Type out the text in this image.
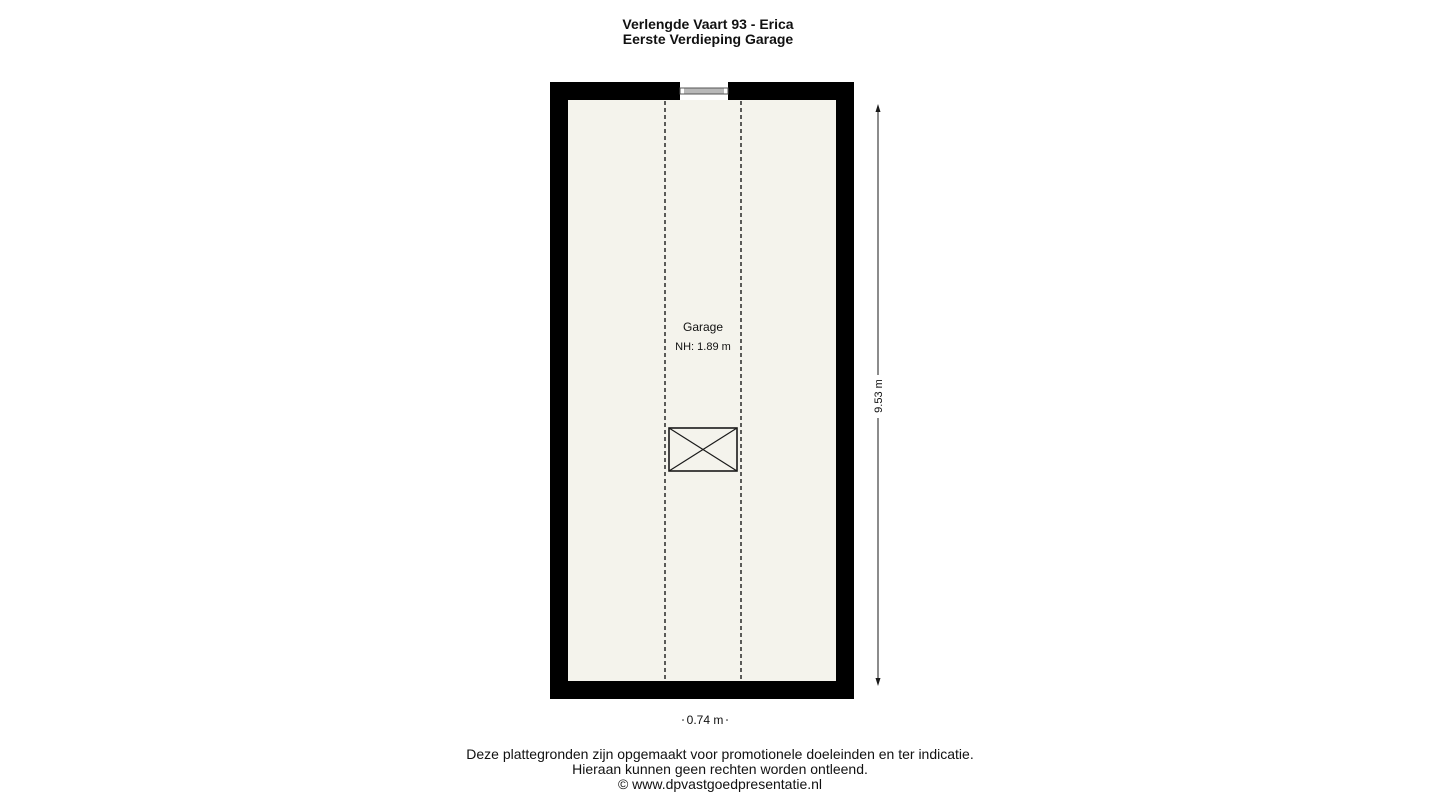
Verlengde Vaart 93 - Erica
Eerste Verdieping Garage
Garage
NH: 1.89 m
9.53 m
0.74 m
Deze plattegronden zijn opgemaakt voor promotionele doeleinden en ter indicatie.
Hieraan kunnen geen rechten worden ontleend.
© www.dpvastgoedpresentatie.nl
